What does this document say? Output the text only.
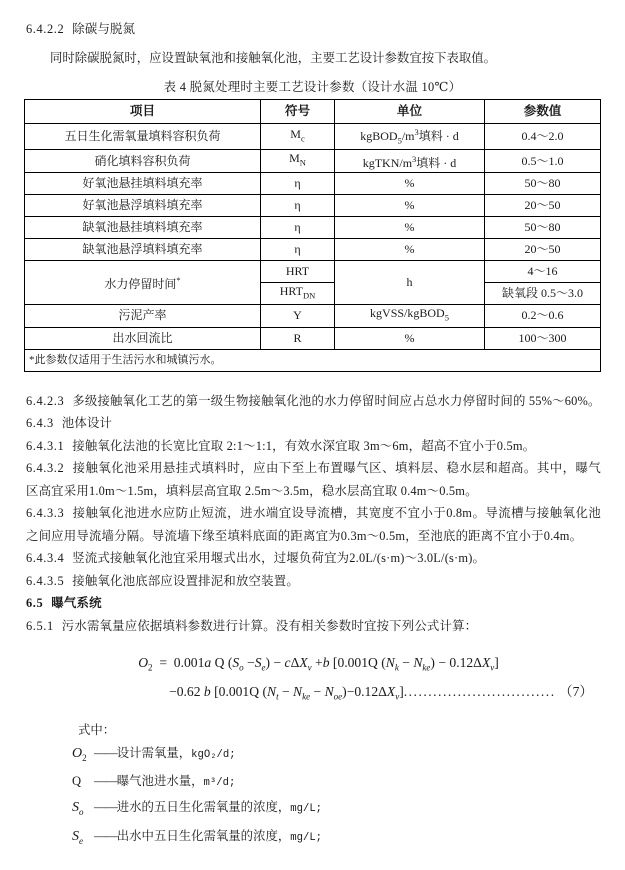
6.4.2.2 除碳与脱氮

同时除碳脱氮时，应设置缺氧池和接触氧化池，主要工艺设计参数宜按下表取值。

表 4 脱氮处理时主要工艺设计参数（设计水温 10℃）

项目	符号	单位	参数值
五日生化需氧量填料容积负荷	$M_c$	$kgBOD_5/m^3$填料 · d	0.4～2.0
硝化填料容积负荷	$M_N$	kgTKN/$m^3$填料 · d	0.5～1.0
好氧池悬挂填料填充率	η	%	50～80
好氧池悬浮填料填充率	η	%	20～50
缺氧池悬挂填料填充率	η	%	50～80
缺氧池悬浮填料填充率	η	%	20～50
水力停留时间*	HRT	h	4～16
	$HRT_{DN}$		缺氧段 0.5～3.0
污泥产率	Y	kgVSS/kgBOD$_5$	0.2～0.6
出水回流比	R	%	100～300
*此参数仅适用于生活污水和城镇污水。			

6.4.2.3 多级接触氧化工艺的第一级生物接触氧化池的水力停留时间应占总水力停留时间的 55%～60%。

6.4.3 池体设计

6.4.3.1 接触氧化法池的长宽比宜取 2:1～1:1，有效水深宜取 3m～6m，超高不宜小于0.5m。

6.4.3.2 接触氧化池采用悬挂式填料时，应由下至上布置曝气区、填料层、稳水层和超高。其中，曝气区高宜采用1.0m～1.5m，填料层高宜取 2.5m～3.5m，稳水层高宜取 0.4m～0.5m。

6.4.3.3 接触氧化池进水应防止短流，进水端宜设导流槽，其宽度不宜小于0.8m。导流槽与接触氧化池之间应用导流墙分隔。导流墙下缘至填料底面的距离宜为0.3m～0.5m，至池底的距离不宜小于0.4m。

6.4.3.4 竖流式接触氧化池宜采用堰式出水，过堰负荷宜为2.0L/(s·m)～3.0L/(s·m)。

6.4.3.5 接触氧化池底部应设置排泥和放空装置。

6.5 曝气系统

6.5.1 污水需氧量应依据填料参数进行计算。没有相关参数时宜按下列公式计算：

$O_2 = 0.001a$ Q $(S_o -S_e) - c\Delta X_v +b$ [0.001Q $(N_k - N_{ke}) - 0.12\Delta X_v$]
−0.62 b [0.001Q $(N_t - N_{ke} - N_{oe})-0.12\Delta X_v$]............................... （7）
式中：
$O_2$ ——设计需氧量，kgO₂/d;
Q ——曝气池进水量，m³/d;
$S_o$ ——进水的五日生化需氧量的浓度，mg/L;
$S_e$ ——出水中五日生化需氧量的浓度，mg/L;
